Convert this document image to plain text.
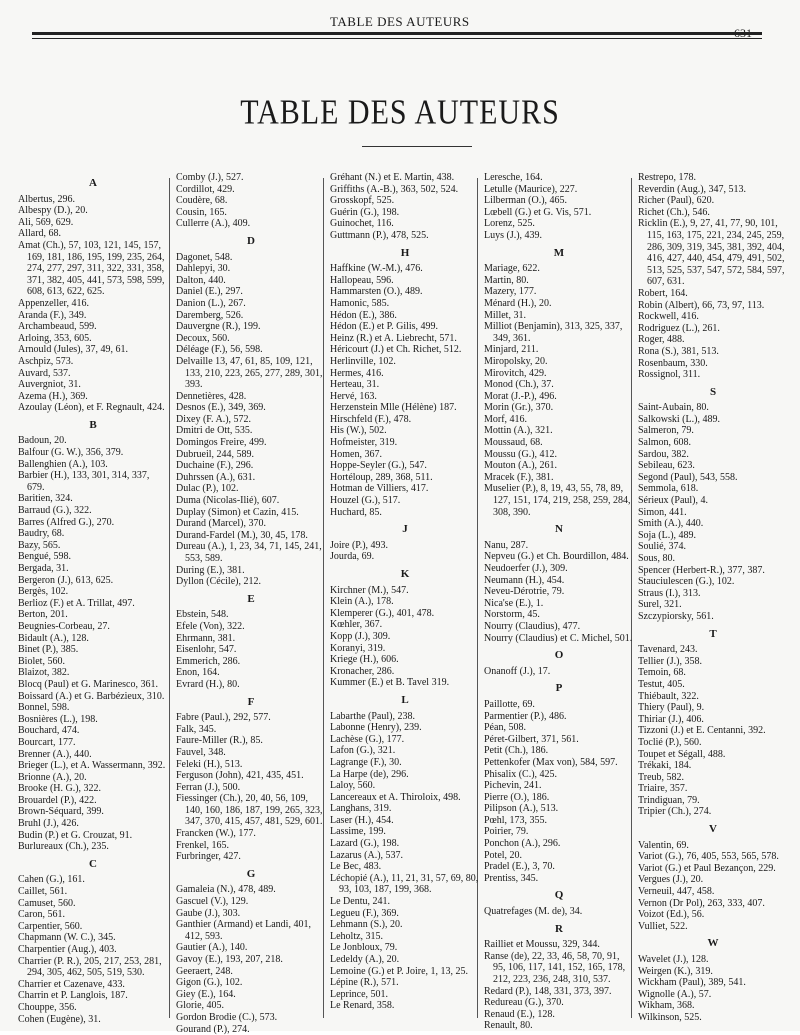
TABLE DES AUTEURS
631
TABLE DES AUTEURS
A
Albertus, 296.
Albespy (D.), 20.
Ali, 569, 629.
Allard, 68.
Amat (Ch.), 57, 103, 121, 145, 157, 169, 181, 186, 195, 199, 235, 264, 274, 277, 297, 311, 322, 331, 358, 371, 382, 405, 441, 573, 598, 599, 608, 613, 622, 625.
Appenzeller, 416.
Aranda (F.), 349.
Archambeaud, 599.
Arloing, 353, 605.
Arnould (Jules), 37, 49, 61.
Aschpiz, 573.
Auvard, 537.
Auvergniot, 31.
Azema (H.), 369.
Azoulay (Léon), et F. Regnault, 424.
B
Badoun, 20.
Balfour (G. W.), 356, 379.
Ballenghien (A.), 103.
Barbier (H.), 133, 301, 314, 337, 679.
Baritien, 324.
Barraud (G.), 322.
Barres (Alfred G.), 270.
Baudry, 68.
Bazy, 565.
Bengué, 598.
Bergada, 31.
Bergeron (J.), 613, 625.
Bergès, 102.
Berlioz (F.) et A. Trillat, 497.
Berton, 201.
Beugnies-Corbeau, 27.
Bidault (A.), 128.
Binet (P.), 385.
Biolet, 560.
Blaizot, 382.
Blocq (Paul) et G. Marinesco, 361.
Boissard (A.) et G. Barbézieux, 310.
Bonnel, 598.
Bosnières (L.), 198.
Bouchard, 474.
Bourcart, 177.
Brenner (A.), 440.
Brieger (L.), et A. Wassermann, 392.
Brionne (A.), 20.
Brooke (H. G.), 322.
Brouardel (P.), 422.
Brown-Séquard, 399.
Bruhl (J.), 426.
Budin (P.) et G. Crouzat, 91.
Burlureaux (Ch.), 235.
C
Cahen (G.), 161.
Caillet, 561.
Camuset, 560.
Caron, 561.
Carpentier, 560.
Chapmann (W. C.), 345.
Charpentier (Aug.), 403.
Charrier (P. R.), 205, 217, 253, 281, 294, 305, 462, 505, 519, 530.
Charrier et Cazenave, 433.
Charrin et P. Langlois, 187.
Chouppe, 356.
Cohen (Eugène), 31.
Comby (J.), 527.
Cordillot, 429.
Coudère, 68.
Cousin, 165.
Cullerre (A.), 409.
D
Dagonet, 548.
Dahlepyi, 30.
Dalton, 440.
Daniel (E.), 297.
Danion (L.), 267.
Daremberg, 526.
Dauvergne (R.), 199.
Decoux, 560.
Déléage (F.), 56, 598.
Delvaille 13, 47, 61, 85, 109, 121, 133, 210, 223, 265, 277, 289, 301, 393.
Dennetières, 428.
Desnos (E.), 349, 369.
Dixey (F. A.), 572.
Dmitri de Ott, 535.
Domingos Freire, 499.
Dubrueil, 244, 589.
Duchaine (F.), 296.
Duhrssen (A.), 631.
Dulac (P.), 102.
Duma (Nicolas-Ilié), 607.
Duplay (Simon) et Cazin, 415.
Durand (Marcel), 370.
Durand-Fardel (M.), 30, 45, 178.
Dureau (A.), 1, 23, 34, 71, 145, 241, 553, 589.
During (E.), 381.
Dyllon (Cécile), 212.
E
Ebstein, 548.
Efele (Von), 322.
Ehrmann, 381.
Eisenlohr, 547.
Emmerich, 286.
Enon, 164.
Evrard (H.), 80.
F
Fabre (Paul.), 292, 577.
Falk, 345.
Faure-Miller (R.), 85.
Fauvel, 348.
Feleki (H.), 513.
Ferguson (John), 421, 435, 451.
Ferran (J.), 500.
Fiessinger (Ch.), 20, 40, 56, 109, 140, 160, 186, 187, 199, 265, 323, 347, 370, 415, 457, 481, 529, 601.
Francken (W.), 177.
Frenkel, 165.
Furbringer, 427.
G
Gamaleia (N.), 478, 489.
Gascuel (V.), 129.
Gaube (J.), 303.
Ganthier (Armand) et Landi, 401, 412, 593.
Gautier (A.), 140.
Gavoy (E.), 193, 207, 218.
Geeraert, 248.
Gigon (G.), 102.
Giey (E.), 164.
Glorie, 405.
Gordon Brodie (C.), 573.
Gourand (P.), 274.
Gréhant (N.) et E. Martin, 438.
Griffiths (A.-B.), 363, 502, 524.
Grosskopf, 525.
Guérin (G.), 198.
Guinochet, 116.
Guttmann (P.), 478, 525.
H
Haffkine (W.-M.), 476.
Hallopeau, 596.
Hammarsten (O.), 489.
Hamonic, 585.
Hédon (E.), 386.
Hédon (E.) et P. Gilis, 499.
Heinz (R.) et A. Liebrecht, 571.
Héricourt (J.) et Ch. Richet, 512.
Herlinville, 102.
Hermes, 416.
Herteau, 31.
Hervé, 163.
Herzenstein Mlle (Hélène) 187.
Hirschfeld (F.), 478.
His (W.), 502.
Hofmeister, 319.
Homen, 367.
Hoppe-Seyler (G.), 547.
Hortéloup, 289, 368, 511.
Hotman de Villiers, 417.
Houzel (G.), 517.
Huchard, 85.
J
Joire (P.), 493.
Jourda, 69.
K
Kirchner (M.), 547.
Klein (A.), 178.
Klemperer (G.), 401, 478.
Kœhler, 367.
Kopp (J.), 309.
Koranyi, 319.
Kriege (H.), 606.
Kronacher, 286.
Kummer (E.) et B. Tavel 319.
L
Labarthe (Paul), 238.
Labonne (Henry), 239.
Lachèse (G.), 177.
Lafon (G.), 321.
Lagrange (F.), 30.
La Harpe (de), 296.
Laloy, 560.
Lancereaux et A. Thiroloix, 498.
Langhans, 319.
Laser (H.), 454.
Lassime, 199.
Lazard (G.), 198.
Lazarus (A.), 537.
Le Bec, 483.
Léchopié (A.), 11, 21, 31, 57, 69, 80, 93, 103, 187, 199, 368.
Le Dentu, 241.
Legueu (F.), 369.
Lehmann (S.), 20.
Leholtz, 315.
Le Jonbloux, 79.
Ledeldy (A.), 20.
Lemoine (G.) et P. Joire, 1, 13, 25.
Lépine (R.), 571.
Leprince, 501.
Le Renard, 358.
Leresche, 164.
Letulle (Maurice), 227.
Lilberman (O.), 465.
Lœbell (G.) et G. Vis, 571.
Lorenz, 525.
Luys (J.), 439.
M
Mariage, 622.
Martin, 80.
Mazery, 177.
Ménard (H.), 20.
Millet, 31.
Milliot (Benjamin), 313, 325, 337, 349, 361.
Minjard, 211.
Miropolsky, 20.
Mirovitch, 429.
Monod (Ch.), 37.
Morat (J.-P.), 496.
Morin (Gr.), 370.
Morf, 416.
Mottin (A.), 321.
Moussaud, 68.
Moussu (G.), 412.
Mouton (A.), 261.
Mracek (F.), 381.
Muselier (P.), 8, 19, 43, 55, 78, 89, 127, 151, 174, 219, 258, 259, 284, 308, 390.
N
Nanu, 287.
Nepveu (G.) et Ch. Bourdillon, 484.
Neudoerfer (J.), 309.
Neumann (H.), 454.
Neveu-Dérotrie, 79.
Nica'se (E.), 1.
Norstorm, 45.
Nourry (Claudius), 477.
Nourry (Claudius) et C. Michel, 501.
O
Onanoff (J.), 17.
P
Paillotte, 69.
Parmentier (P.), 486.
Péan, 508.
Péret-Gilbert, 371, 561.
Petit (Ch.), 186.
Pettenkofer (Max von), 584, 597.
Phisalix (C.), 425.
Pichevin, 241.
Pierre (O.), 186.
Pilipson (A.), 513.
Pœhl, 173, 355.
Poirier, 79.
Ponchon (A.), 296.
Potel, 20.
Pradel (E.), 3, 70.
Prentiss, 345.
Q
Quatrefages (M. de), 34.
R
Railliet et Moussu, 329, 344.
Ranse (de), 22, 33, 46, 58, 70, 91, 95, 106, 117, 141, 152, 165, 178, 212, 223, 236, 248, 310, 537.
Redard (P.), 148, 331, 373, 397.
Redureau (G.), 370.
Renaud (E.), 128.
Renault, 80.
Restrepo, 178.
Reverdin (Aug.), 347, 513.
Richer (Paul), 620.
Richet (Ch.), 546.
Ricklin (E.), 9, 27, 41, 77, 90, 101, 115, 163, 175, 221, 234, 245, 259, 286, 309, 319, 345, 381, 392, 404, 416, 427, 440, 454, 479, 491, 502, 513, 525, 537, 547, 572, 584, 597, 607, 631.
Robert, 164.
Robin (Albert), 66, 73, 97, 113.
Rockwell, 416.
Rodriguez (L.), 261.
Roger, 488.
Rona (S.), 381, 513.
Rosenbaum, 330.
Rossignol, 311.
S
Saint-Aubain, 80.
Salkowski (L.), 489.
Salmeron, 79.
Salmon, 608.
Sardou, 382.
Sebileau, 623.
Segond (Paul), 543, 558.
Semmola, 618.
Sérieux (Paul), 4.
Simon, 441.
Smith (A.), 440.
Soja (L.), 489.
Soulié, 374.
Sous, 80.
Spencer (Herbert-R.), 377, 387.
Stauciulescen (G.), 102.
Straus (I.), 313.
Surel, 321.
Szczypiorsky, 561.
T
Tavenard, 243.
Tellier (J.), 358.
Temoin, 68.
Testut, 405.
Thiébault, 322.
Thiery (Paul), 9.
Thiriar (J.), 406.
Tizzoni (J.) et E. Centanni, 392.
Toclié (P.), 560.
Toupet et Ségall, 488.
Trékaki, 184.
Treub, 582.
Triaire, 357.
Trindiguan, 79.
Tripier (Ch.), 274.
V
Valentin, 69.
Variot (G.), 76, 405, 553, 565, 578.
Variot (G.) et Paul Bezançon, 229.
Vergues (J.), 20.
Verneuil, 447, 458.
Vernon (Dr Pol), 263, 333, 407.
Voizot (Ed.), 56.
Vulliet, 522.
W
Wavelet (J.), 128.
Weirgen (K.), 319.
Wickham (Paul), 389, 541.
Wignolle (A.), 57.
Wikham, 368.
Wilkinson, 525.
